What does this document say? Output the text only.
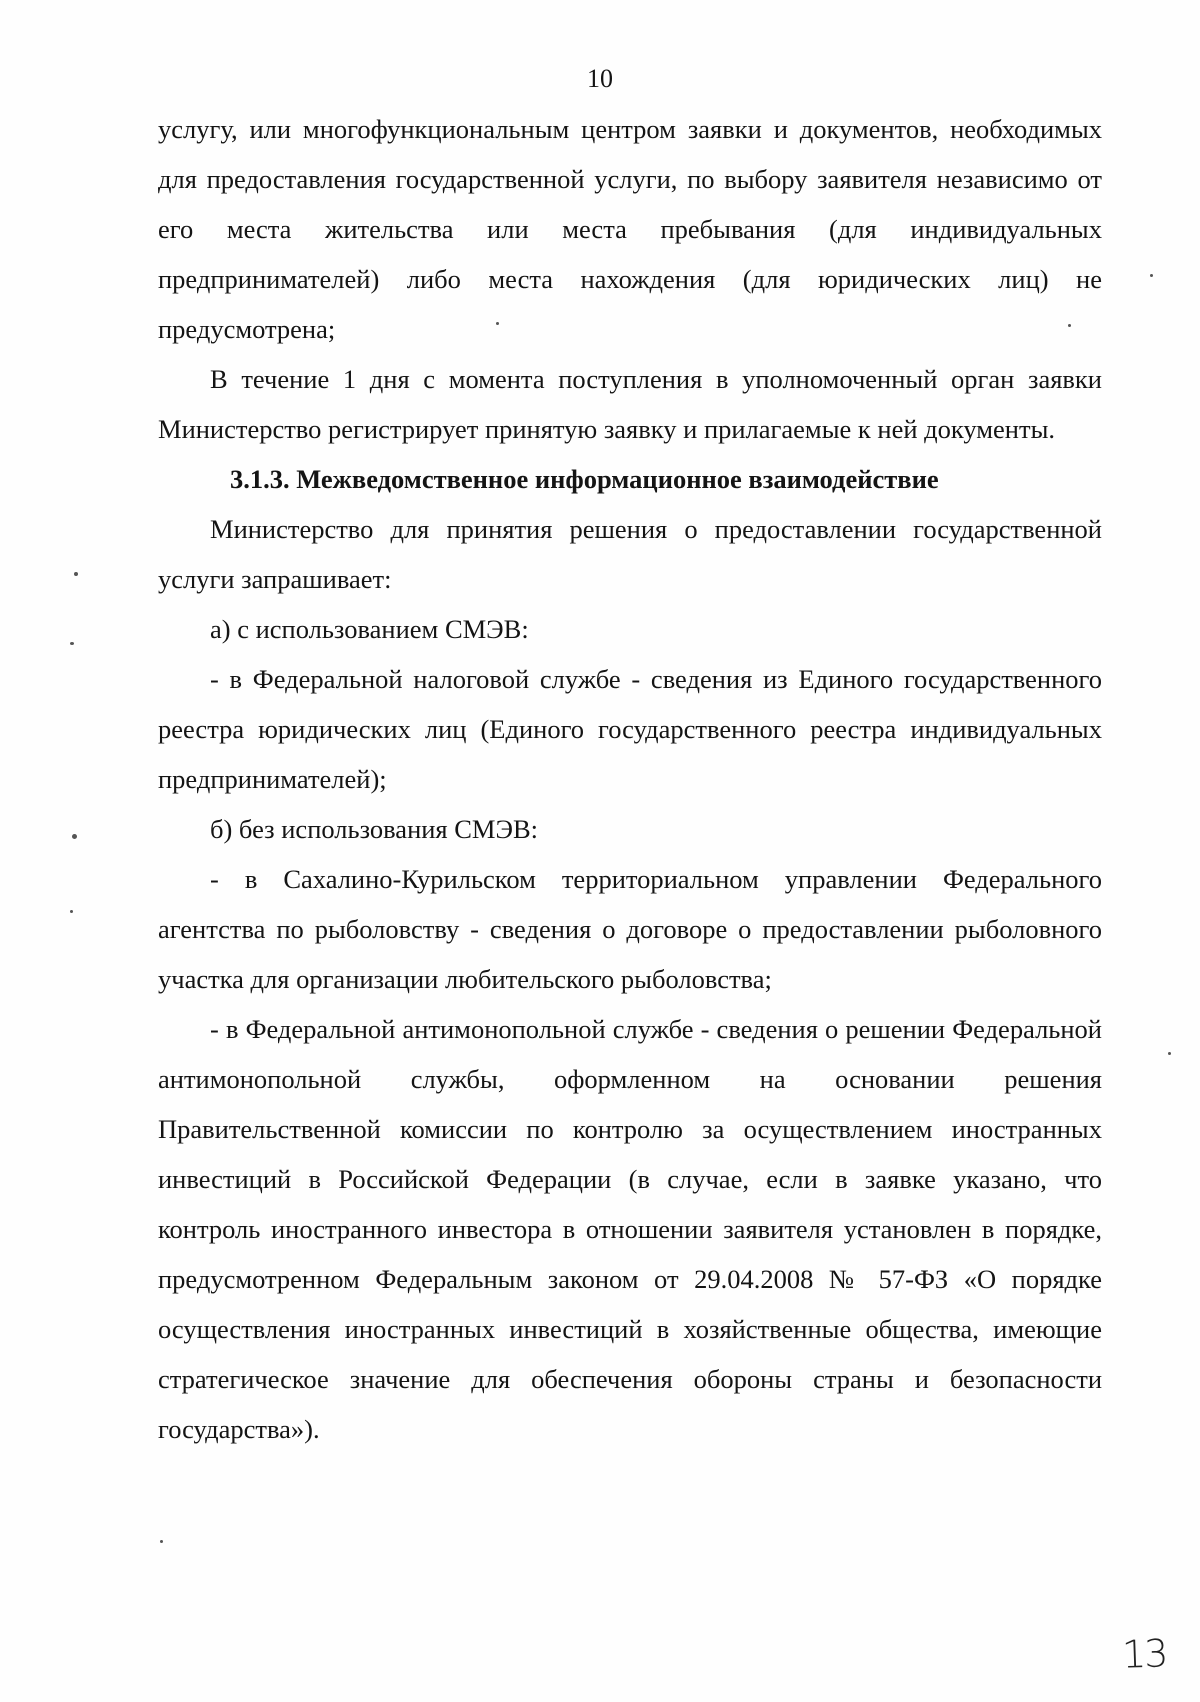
10

услугу, или многофункциональным центром заявки и документов, необходимых для предоставления государственной услуги, по выбору заявителя независимо от его места жительства или места пребывания (для индивидуальных предпринимателей) либо места нахождения (для юридических лиц) не предусмотрена;

В течение 1 дня с момента поступления в уполномоченный орган заявки Министерство регистрирует принятую заявку и прилагаемые к ней документы.

3.1.3. Межведомственное информационное взаимодействие

Министерство для принятия решения о предоставлении государственной услуги запрашивает:

а) с использованием СМЭВ:

- в Федеральной налоговой службе - сведения из Единого государственного реестра юридических лиц (Единого государственного реестра индивидуальных предпринимателей);

б) без использования СМЭВ:

- в Сахалино-Курильском территориальном управлении Федерального агентства по рыболовству - сведения о договоре о предоставлении рыболовного участка для организации любительского рыболовства;

- в Федеральной антимонопольной службе - сведения о решении Федеральной антимонопольной службы, оформленном на основании решения Правительственной комиссии по контролю за осуществлением иностранных инвестиций в Российской Федерации (в случае, если в заявке указано, что контроль иностранного инвестора в отношении заявителя установлен в порядке, предусмотренном Федеральным законом от 29.04.2008 № 57-ФЗ «О порядке осуществления иностранных инвестиций в хозяйственные общества, имеющие стратегическое значение для обеспечения обороны страны и безопасности государства»).

13
